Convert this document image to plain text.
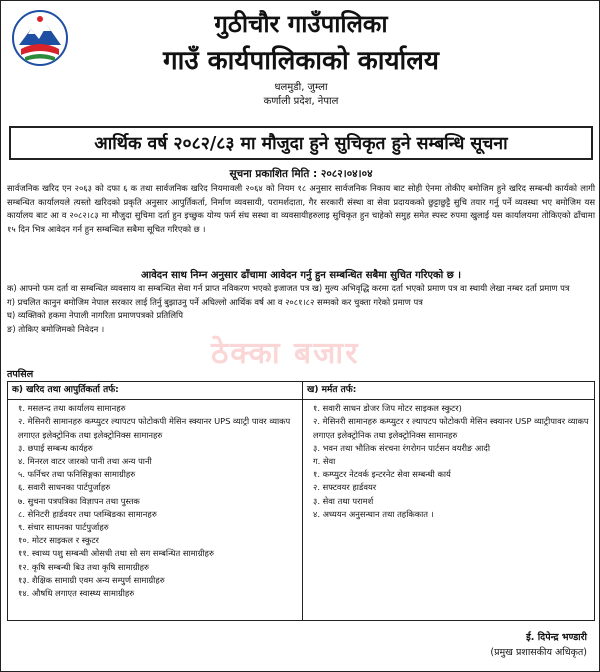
गुठीचौर गाउँपालिका
गाउँ कार्यपालिकाको कार्यालय
धलमुडी, जुम्ला
कर्णाली प्रदेश, नेपाल
आर्थिक वर्ष २०८२/८३ मा मौजुदा हुने सुचिकृत हुने सम्बन्धि सूचना
सूचना प्रकाशित मिति : २०८२।०४।०४
सार्वजनिक खरिद एन २०६३ को दफा ६ क तथा सार्वजनिक खरिद नियमावली २०६४ को नियम १८ अनुसार सार्वजनिक निकाय बाट सोही ऐनमा तोकीए बमोजिम हुने खरिद सम्बन्धी कार्यको लागी सम्बन्धित कार्यालयले त्यस्तो खरिदको प्रकृति अनुसार आपुर्तिकर्ता, निर्माण व्यवसायी, परामर्शदाता, गैर सरकारी संस्था वा सेवा प्रदायकको छुट्टाछुट्टै सुचि तयार गर्नु पर्ने व्यवस्था भए बमोजिम यस कार्यालय बाट आ व २०८२।८३ मा मौजुदा सुचिमा दर्ता हुन इच्छुक योग्य फर्म संघ सस्था वा व्यवसायीहरुलाइ सुचिकृत हुन चाहेको समुह समेत स्पस्ट रुपमा खुलाई यस कार्यालयमा तोकिएको ढाँचामा १५ दिन भित्र आवेदन गर्न हुन सम्बन्धित सबैमा सूचित गरिएको छ ।
आवेदन साथ निम्न अनुसार ढाँचामा आवेदन गर्नु हुन सम्बन्धित सबैमा सुचित गरिएको छ ।
क) आफ्नो फम दर्ता वा सम्बन्धित व्यवसाय वा सम्बन्धित सेवा गर्न प्राप्त नविकरण भएको इजाजत पत्र ख) मुल्य अभिवृद्धि करमा दर्ता भएको प्रमाण पत्र वा स्थायी लेखा नम्बर दर्ता प्रमाण पत्र
ग) प्रचलित कानुन बमोजिम नेपाल सरकार लाई तिर्नु बुझाउनु पर्ने अघिल्लो आर्थिक वर्ष आ व २०८१।८२ सम्मको कर चुक्ता गरेको प्रमाण पत्र
घ) व्यक्तिको हकमा नेपाली नागरिता प्रमाणपत्रको प्रतिलिपि
ङ) तोकिए बमोजिमको निवेदन ।
ठेक्का बजार
तपसिल
क) खरिद तथा आपुर्तिकर्ता तर्फ:
१. मसलन्द तथा कार्यालय सामानहरु
२. मेसिनरी सामानहरु कम्प्युटर ल्यापटप फोटोकपी मेसिन स्क्यानर UPS व्याट्री पावर व्याकप लगाएत इलेक्ट्रोनिक तथा इलेक्ट्रोनिक्स सामानहरु
३. छपाई सम्बन्ध कार्यहरु
४. मिनरल वाटर जारको पानी तथा अन्य पानी
५. फर्निचर तथा फनिसिङ्गका सामाग्रीहरु
६. सवारी साधनका पार्टपुर्जाहरु
७. सुचना पत्रपत्रिका विज्ञापन तथा पुस्तक
८. सेनिटरी हार्डवयर तथा प्लम्बिङका सामानहरु
९. संचार साधनका पार्टपुर्जाहरु
१०. मोटर साइकल र स्कुटर
११. स्वाथ्य पशु सम्बन्धी ओसधी तथा सो सग सम्बन्धित सामाग्रीहरु
१२. कृषि सम्बन्धी बिउ तथा कृषि सामाग्रीहरु
१३. शैक्षिक सामाग्री एवम अन्य सम्पुर्ण सामाग्रीहरु
१४. औषधि लगाएत स्वास्थ्य सामाग्रीहरु
ख) मर्मत तर्फ:
१. सवारी साधन डोजर जिप मोटर साइकल स्कुटर)
२. मेसिनरी सामानहरु कम्प्युटर र ल्यापटप फोटोकपी मेसिन स्क्यानर USP व्याट्रीपावर व्याकप लगाएत इलेक्ट्रोनिक तथा इलेक्ट्रोनिक्स सामानहरु
३. भवन तथा भौतिक संरचना रंगरोगन पार्टसन वयरीङ आदी
ग. सेवा
१. कम्प्युटर नेटवर्क इन्टरनेट सेवा सम्बन्धी कार्य
२. सफ्टवयर हार्डवयर
३. सेवा तथा परामर्श
४. अध्ययन अनुसन्धान तथा तहकिकात ।
ई. दिपेन्द्र भण्डारी
(प्रमुख प्रशासकीय अधिकृत)
